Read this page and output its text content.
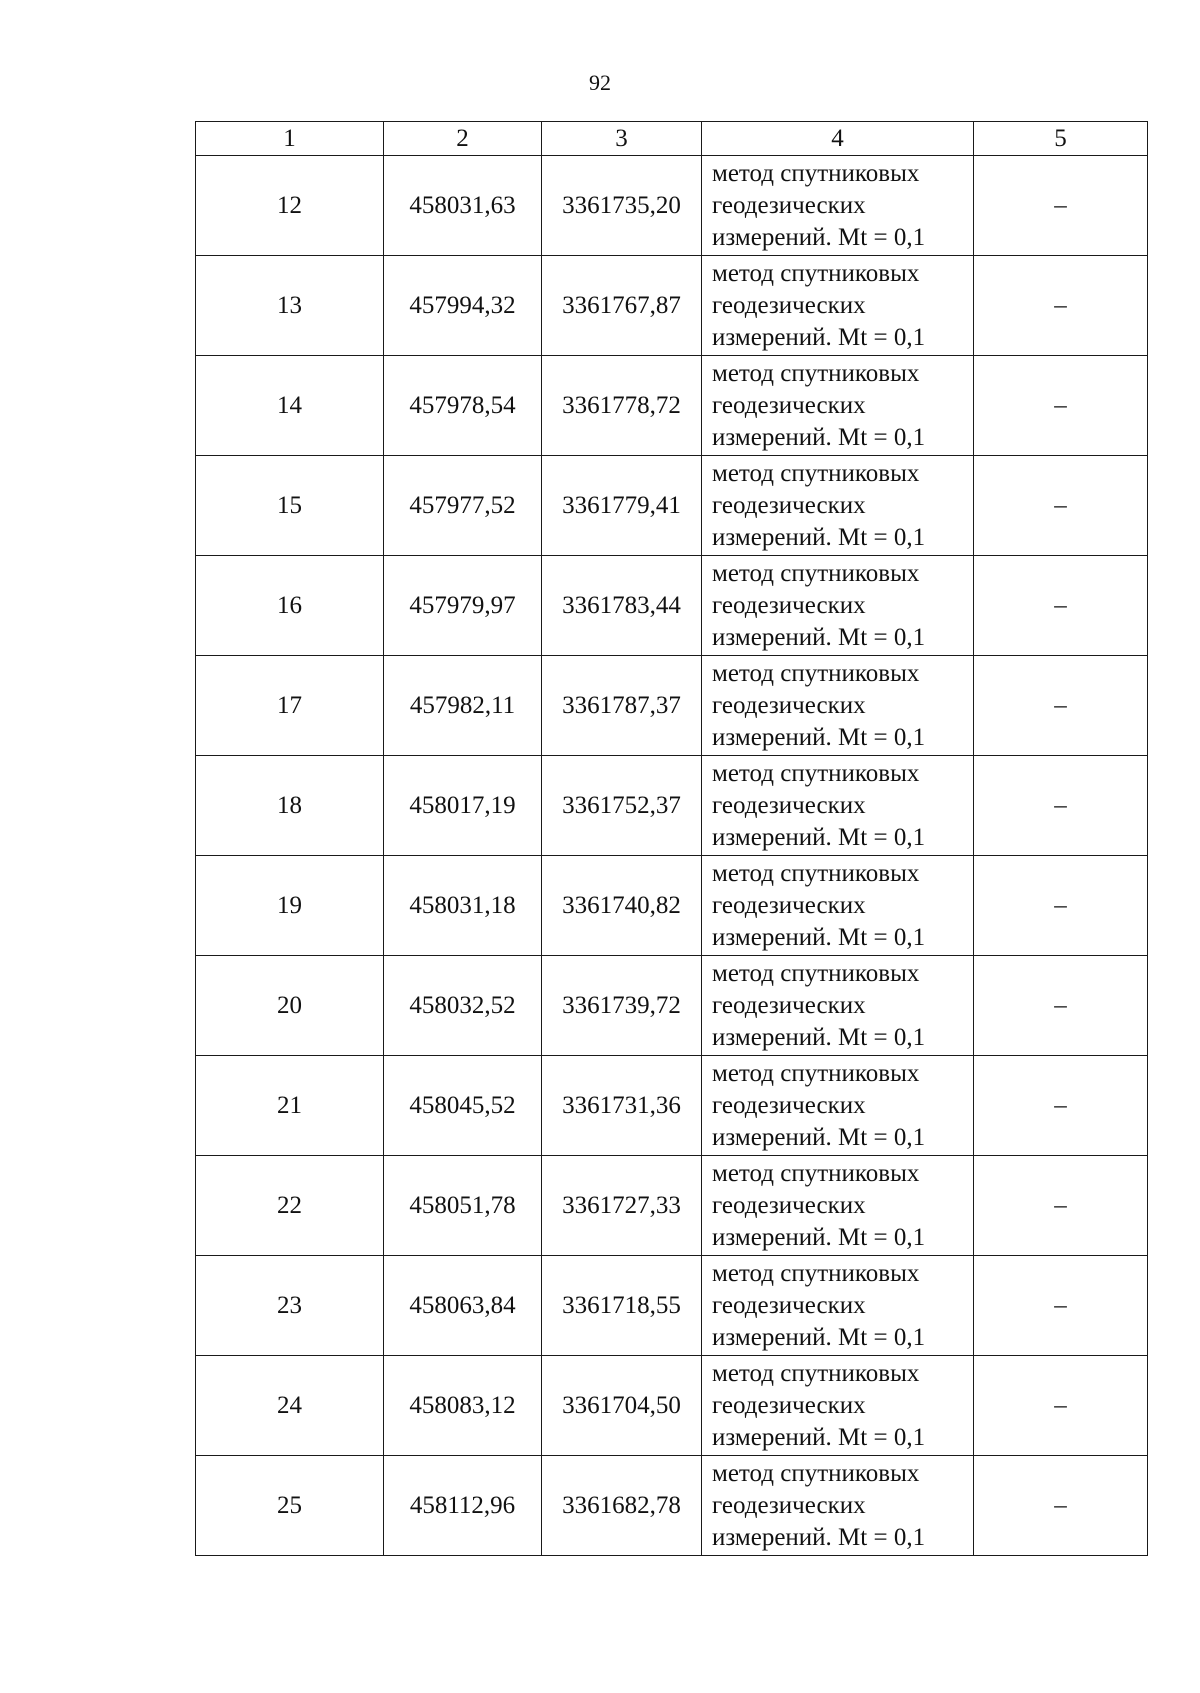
92
1	2	3	4	5
12	458031,63	3361735,20	метод спутниковых
геодезических
измерений. Mt = 0,1	–
13	457994,32	3361767,87	метод спутниковых
геодезических
измерений. Mt = 0,1	–
14	457978,54	3361778,72	метод спутниковых
геодезических
измерений. Mt = 0,1	–
15	457977,52	3361779,41	метод спутниковых
геодезических
измерений. Mt = 0,1	–
16	457979,97	3361783,44	метод спутниковых
геодезических
измерений. Mt = 0,1	–
17	457982,11	3361787,37	метод спутниковых
геодезических
измерений. Mt = 0,1	–
18	458017,19	3361752,37	метод спутниковых
геодезических
измерений. Mt = 0,1	–
19	458031,18	3361740,82	метод спутниковых
геодезических
измерений. Mt = 0,1	–
20	458032,52	3361739,72	метод спутниковых
геодезических
измерений. Mt = 0,1	–
21	458045,52	3361731,36	метод спутниковых
геодезических
измерений. Mt = 0,1	–
22	458051,78	3361727,33	метод спутниковых
геодезических
измерений. Mt = 0,1	–
23	458063,84	3361718,55	метод спутниковых
геодезических
измерений. Mt = 0,1	–
24	458083,12	3361704,50	метод спутниковых
геодезических
измерений. Mt = 0,1	–
25	458112,96	3361682,78	метод спутниковых
геодезических
измерений. Mt = 0,1	–
